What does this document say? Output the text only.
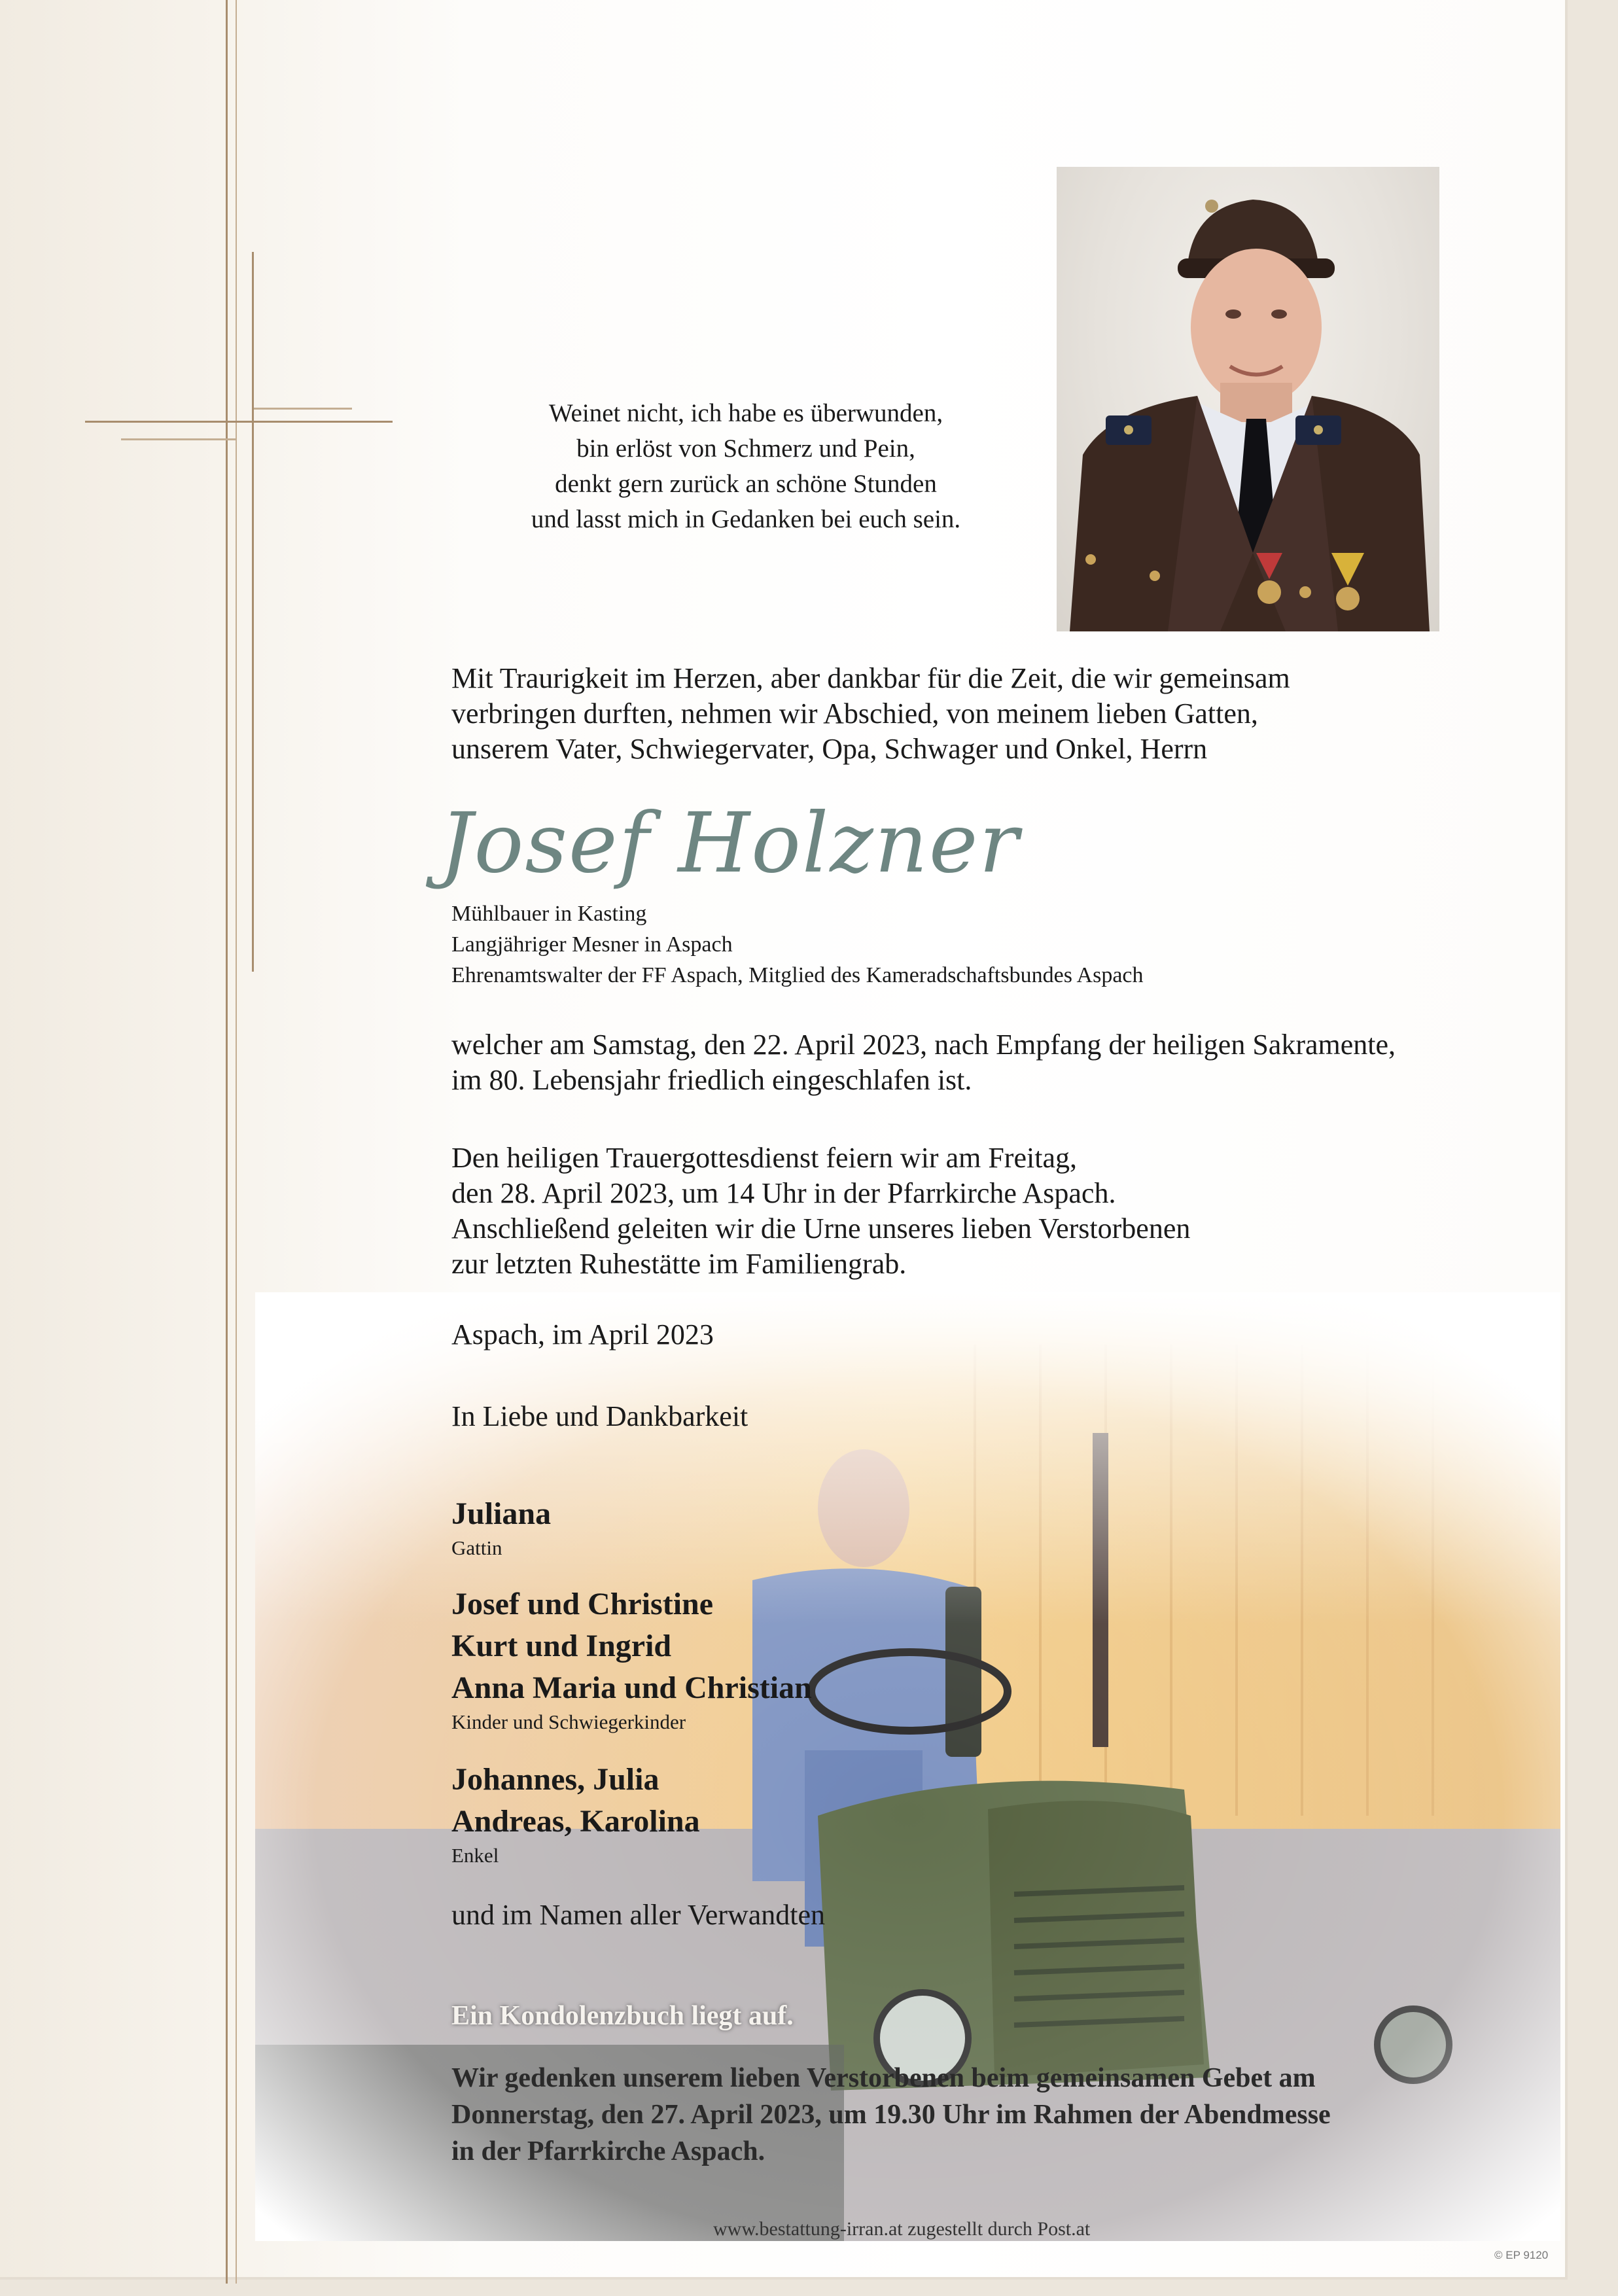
Weinet nicht, ich habe es überwunden,
bin erlöst von Schmerz und Pein,
denkt gern zurück an schöne Stunden
und lasst mich in Gedanken bei euch sein.
Mit Traurigkeit im Herzen, aber dankbar für die Zeit, die wir gemeinsam
verbringen durften, nehmen wir Abschied, von meinem lieben Gatten,
unserem Vater, Schwiegervater, Opa, Schwager und Onkel, Herrn
Josef Holzner
Mühlbauer in Kasting
Langjähriger Mesner in Aspach
Ehrenamtswalter der FF Aspach, Mitglied des Kameradschaftsbundes Aspach
welcher am Samstag, den 22. April 2023, nach Empfang der heiligen Sakramente,
im 80. Lebensjahr friedlich eingeschlafen ist.
Den heiligen Trauergottesdienst feiern wir am Freitag,
den 28. April 2023, um 14 Uhr in der Pfarrkirche Aspach.
Anschließend geleiten wir die Urne unseres lieben Verstorbenen
zur letzten Ruhestätte im Familiengrab.
Aspach, im April 2023
In Liebe und Dankbarkeit
Juliana
Gattin
Josef und Christine
Kurt und Ingrid
Anna Maria und Christian
Kinder und Schwiegerkinder
Johannes, Julia
Andreas, Karolina
Enkel
und im Namen aller Verwandten
Ein Kondolenzbuch liegt auf.
Wir gedenken unserem lieben Verstorbenen beim gemeinsamen Gebet am
Donnerstag, den 27. April 2023, um 19.30 Uhr im Rahmen der Abendmesse
in der Pfarrkirche Aspach.
www.bestattung-irran.at zugestellt durch Post.at
© EP 9120
